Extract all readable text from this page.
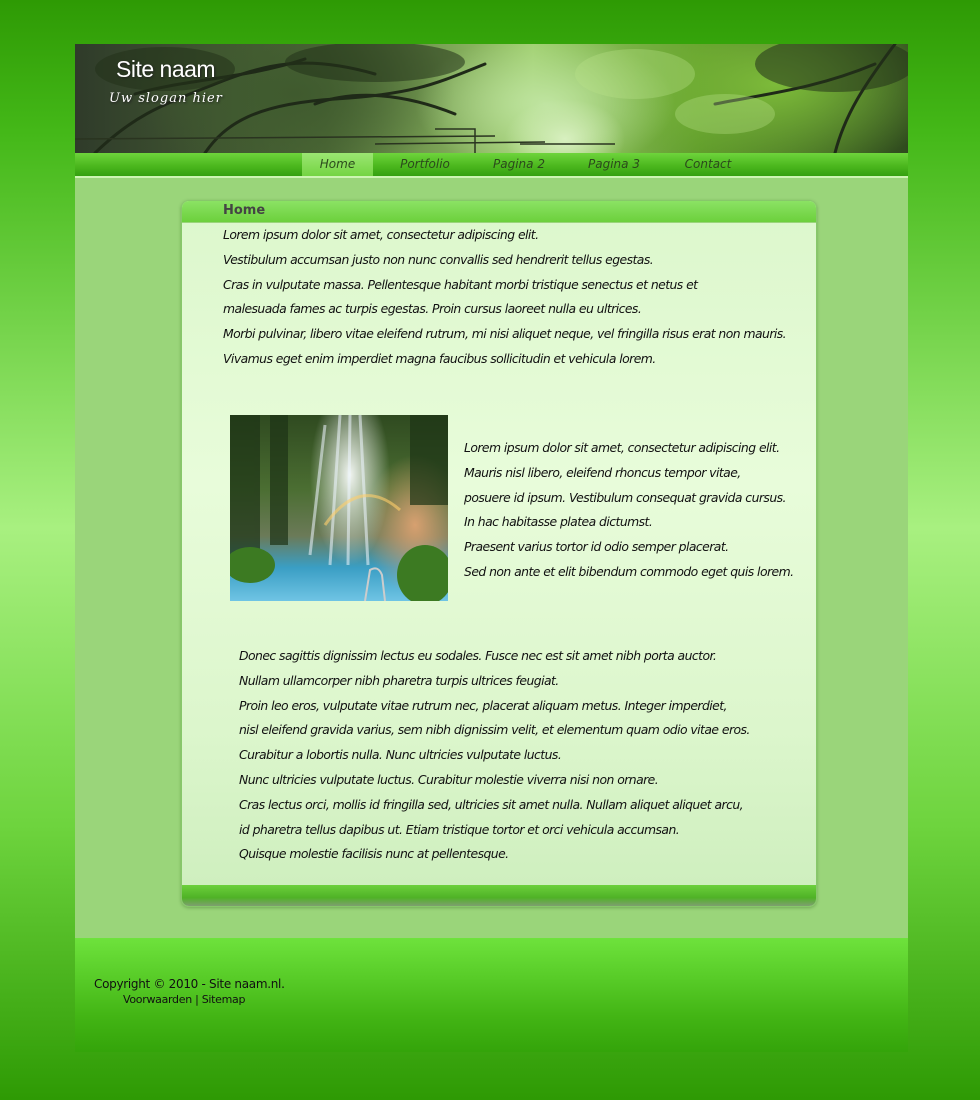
Site naam
Uw slogan hier
Home	Portfolio	Pagina 2	Pagina 3	Contact
Home
Lorem ipsum dolor sit amet, consectetur adipiscing elit.
Vestibulum accumsan justo non nunc convallis sed hendrerit tellus egestas.
Cras in vulputate massa. Pellentesque habitant morbi tristique senectus et netus et
malesuada fames ac turpis egestas. Proin cursus laoreet nulla eu ultrices.
Morbi pulvinar, libero vitae eleifend rutrum, mi nisi aliquet neque, vel fringilla risus erat non mauris.
Vivamus eget enim imperdiet magna faucibus sollicitudin et vehicula lorem.
Lorem ipsum dolor sit amet, consectetur adipiscing elit.
Mauris nisl libero, eleifend rhoncus tempor vitae,
posuere id ipsum. Vestibulum consequat gravida cursus.
In hac habitasse platea dictumst.
Praesent varius tortor id odio semper placerat.
Sed non ante et elit bibendum commodo eget quis lorem.
Donec sagittis dignissim lectus eu sodales. Fusce nec est sit amet nibh porta auctor.
Nullam ullamcorper nibh pharetra turpis ultrices feugiat.
Proin leo eros, vulputate vitae rutrum nec, placerat aliquam metus. Integer imperdiet,
nisl eleifend gravida varius, sem nibh dignissim velit, et elementum quam odio vitae eros.
Curabitur a lobortis nulla. Nunc ultricies vulputate luctus.
Nunc ultricies vulputate luctus. Curabitur molestie viverra nisi non ornare.
Cras lectus orci, mollis id fringilla sed, ultricies sit amet nulla. Nullam aliquet aliquet arcu,
id pharetra tellus dapibus ut. Etiam tristique tortor et orci vehicula accumsan.
Quisque molestie facilisis nunc at pellentesque.
Copyright © 2010 - Site naam.nl.
Voorwaarden | Sitemap
